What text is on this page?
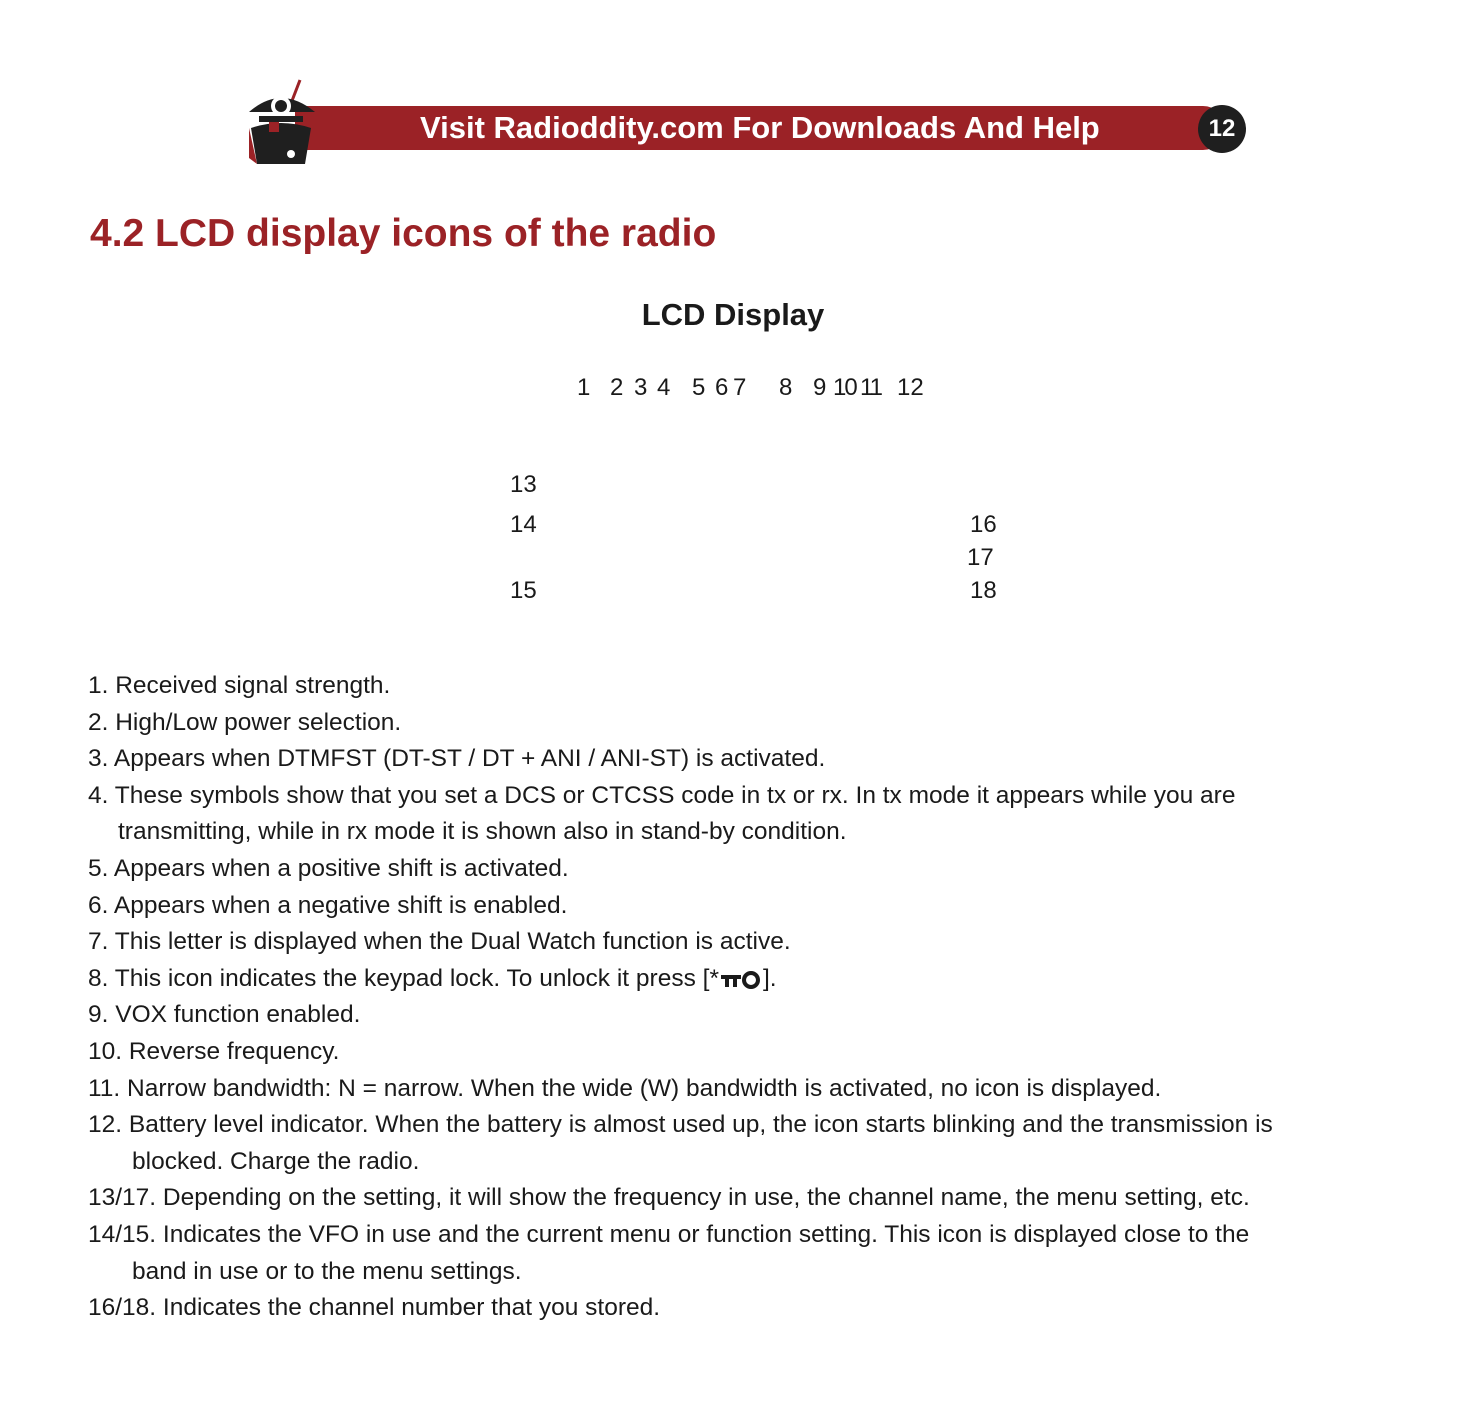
Visit Radioddity.com For Downloads And Help	12
4.2 LCD display icons of the radio
LCD Display
1 2 3 4 5 6 7 8 9 10 11 12
13
14
15
16
17
18
1. Received signal strength.
2. High/Low power selection.
3. Appears when DTMFST (DT-ST / DT + ANI / ANI-ST) is activated.
4. These symbols show that you set a DCS or CTCSS code in tx or rx. In tx mode it appears while you are
transmitting, while in rx mode it is shown also in stand-by condition.
5. Appears when a positive shift is activated.
6. Appears when a negative shift is enabled.
7. This letter is displayed when the Dual Watch function is active.
8. This icon indicates the keypad lock. To unlock it press [* ].
9. VOX function enabled.
10. Reverse frequency.
11. Narrow bandwidth: N = narrow. When the wide (W) bandwidth is activated, no icon is displayed.
12. Battery level indicator. When the battery is almost used up, the icon starts blinking and the transmission is
blocked. Charge the radio.
13/17. Depending on the setting, it will show the frequency in use, the channel name, the menu setting, etc.
14/15. Indicates the VFO in use and the current menu or function setting. This icon is displayed close to the
band in use or to the menu settings.
16/18. Indicates the channel number that you stored.
